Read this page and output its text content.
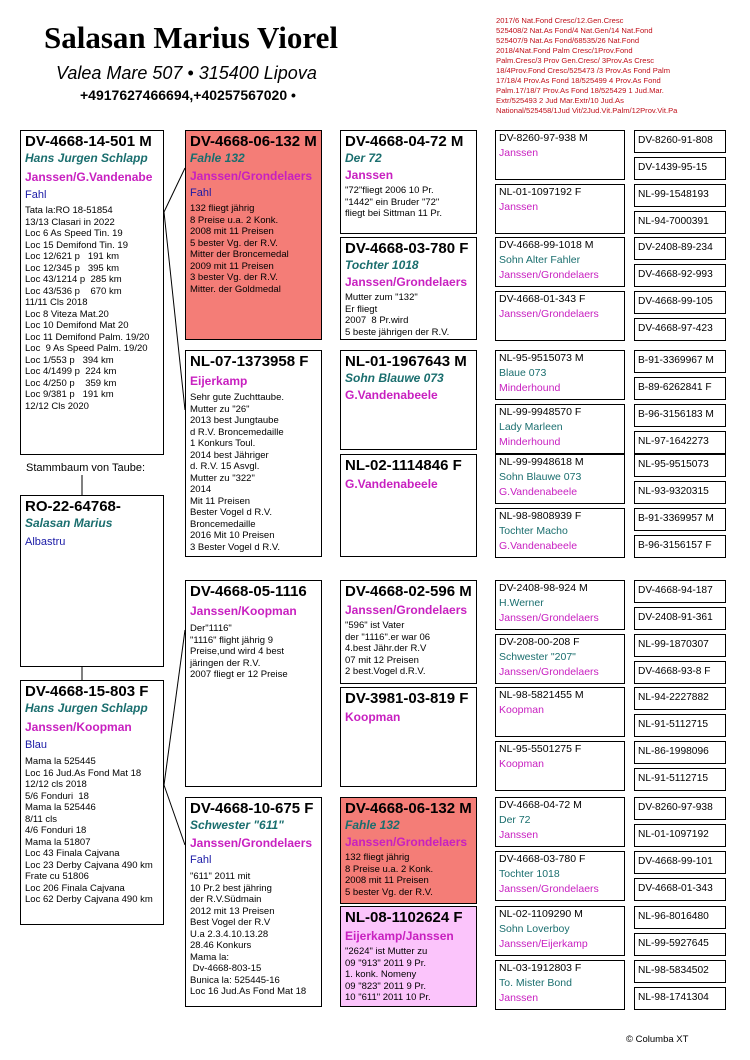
Salasan Marius Viorel
Valea Mare 507 • 315400 Lipova
+4917627466694,+40257567020 •
2017/6 Nat.Fond Cresc/12.Gen.Cresc
525408/2 Nat.As Fond/4 Nat.Gen/14 Nat.Fond
525407/9 Nat.As Fond/68535/26 Nat.Fond
2018/4Nat.Fond Palm Cresc/1Prov.Fond
Palm.Cresc/3 Prov Gen.Cresc/ 3Prov.As Cresc
18/4Prov.Fond Cresc/525473 /3 Prov.As Fond Palm
17/18/4 Prov.As Fond 18/525499 4 Prov.As Fond
Palm.17/18/7 Prov.As Fond 18/525429 1 Jud.Mar.
Extr/525493 2 Jud Mar.Extr/10 Jud.As
National/525458/1Jud Vit/2Jud.Vit.Palm/12Prov.Vit.Pa
DV-4668-14-501 M
Hans Jurgen Schlapp
Janssen/G.Vandenabe
Fahl
Tata la:RO 18-51854
13/13 Clasari in 2022
Loc 6 As Speed Tin. 19
Loc 15 Demifond Tin. 19
Loc 12/621 p   191 km
Loc 12/345 p   395 km
Loc 43/1214 p  285 km
Loc 43/536 p    670 km
11/11 Cls 2018
Loc 8 Viteza Mat.20
Loc 10 Demifond Mat 20
Loc 11 Demifond Palm. 19/20
Loc  9 As Speed Palm. 19/20
Loc 1/553 p   394 km
Loc 4/1499 p  224 km
Loc 4/250 p    359 km
Loc 9/381 p   191 km
12/12 Cls 2020
Stammbaum von Taube:
RO-22-64768-
Salasan Marius
Albastru
DV-4668-15-803 F
Hans Jurgen Schlapp
Janssen/Koopman
Blau
Mama la 525445
Loc 16 Jud.As Fond Mat 18
12/12 cls 2018
5/6 Fonduri  18
Mama la 525446
8/11 cls
4/6 Fonduri 18
Mama la 51807
Loc 43 Finala Cajvana
Loc 23 Derby Cajvana 490 km
Frate cu 51806
Loc 206 Finala Cajvana
Loc 62 Derby Cajvana 490 km
DV-4668-06-132 M
Fahle 132
Janssen/Grondelaers
Fahl
132 fliegt jährig
8 Preise u.a. 2 Konk.
2008 mit 11 Preisen
5 bester Vg. der R.V.
Mitter der Broncemedal
2009 mit 11 Preisen
3 bester Vg. der R.V.
Mitter. der Goldmedal
NL-07-1373958 F
Eijerkamp
Sehr gute Zuchttaube.
Mutter zu "26"
2013 best Jungtaube
d R.V. Broncemedaille
1 Konkurs Toul.
2014 best Jähriger
d. R.V. 15 Asvgl.
Mutter zu "322"
2014
Mit 11 Preisen
Bester Vogel d R.V.
Broncemedaille
2016 Mit 10 Preisen
3 Bester Vogel d R.V.
DV-4668-05-1116
Janssen/Koopman
Der"1116"
"1116" flight jährig 9
Preise,und wird 4 best
järingen der R.V.
2007 fliegt er 12 Preise
DV-4668-10-675 F
Schwester "611"
Janssen/Grondelaers
Fahl
"611" 2011 mit
10 Pr.2 best jähring
der R.V.Südmain
2012 mit 13 Preisen
Best Vogel der R.V
U.a 2.3.4.10.13.28
28.46 Konkurs
Mama la:
Dv-4668-803-15
Bunica la: 525445-16
Loc 16 Jud.As Fond Mat 18
DV-4668-04-72 M
Der 72
Janssen
"72"fliegt 2006 10 Pr.
"1442" ein Bruder "72"
fliegt bei Sittman 11 Pr.
DV-4668-03-780 F
Tochter 1018
Janssen/Grondelaers
Mutter zum "132"
Er fliegt
2007  8 Pr.wird
5 beste jährigen der R.V.
NL-01-1967643 M
Sohn Blauwe 073
G.Vandenabeele
NL-02-1114846 F
G.Vandenabeele
DV-4668-02-596 M
Janssen/Grondelaers
"596" ist Vater
der "1116".er war 06
4.best Jähr.der R.V
07 mit 12 Preisen
2 best.Vogel d.R.V.
DV-3981-03-819 F
Koopman
DV-4668-06-132 M
Fahle 132
Janssen/Grondelaers
132 fliegt jährig
8 Preise u.a. 2 Konk.
2008 mit 11 Preisen
5 bester Vg. der R.V.
NL-08-1102624 F
Eijerkamp/Janssen
"2624" ist Mutter zu
09 "913" 2011 9 Pr.
1. konk. Nomeny
09 "823" 2011 9 Pr.
10 "611" 2011 10 Pr.
DV-8260-97-938 M
Janssen
NL-01-1097192 F
Janssen
DV-4668-99-1018 M
Sohn Alter Fahler
Janssen/Grondelaers
DV-4668-01-343 F
Janssen/Grondelaers
NL-95-9515073 M
Blaue 073
Minderhound
NL-99-9948570 F
Lady Marleen
Minderhound
NL-99-9948618 M
Sohn Blauwe 073
G.Vandenabeele
NL-98-9808939 F
Tochter Macho
G.Vandenabeele
DV-2408-98-924 M
H.Werner
Janssen/Grondelaers
DV-208-00-208 F
Schwester "207"
Janssen/Grondelaers
NL-98-5821455 M
Koopman
NL-95-5501275 F
Koopman
DV-4668-04-72 M
Der 72
Janssen
DV-4668-03-780 F
Tochter 1018
Janssen/Grondelaers
NL-02-1109290 M
Sohn Loverboy
Janssen/Eijerkamp
NL-03-1912803 F
To. Mister Bond
Janssen
DV-8260-91-808
DV-1439-95-15
NL-99-1548193
NL-94-7000391
DV-2408-89-234
DV-4668-92-993
DV-4668-99-105
DV-4668-97-423
B-91-3369967 M
B-89-6262841 F
B-96-3156183 M
NL-97-1642273
NL-95-9515073
NL-93-9320315
B-91-3369957 M
B-96-3156157 F
DV-4668-94-187
DV-2408-91-361
NL-99-1870307
DV-4668-93-8 F
NL-94-2227882
NL-91-5112715
NL-86-1998096
NL-91-5112715
DV-8260-97-938
NL-01-1097192
DV-4668-99-101
DV-4668-01-343
NL-96-8016480
NL-99-5927645
NL-98-5834502
NL-98-1741304
© Columba XT
